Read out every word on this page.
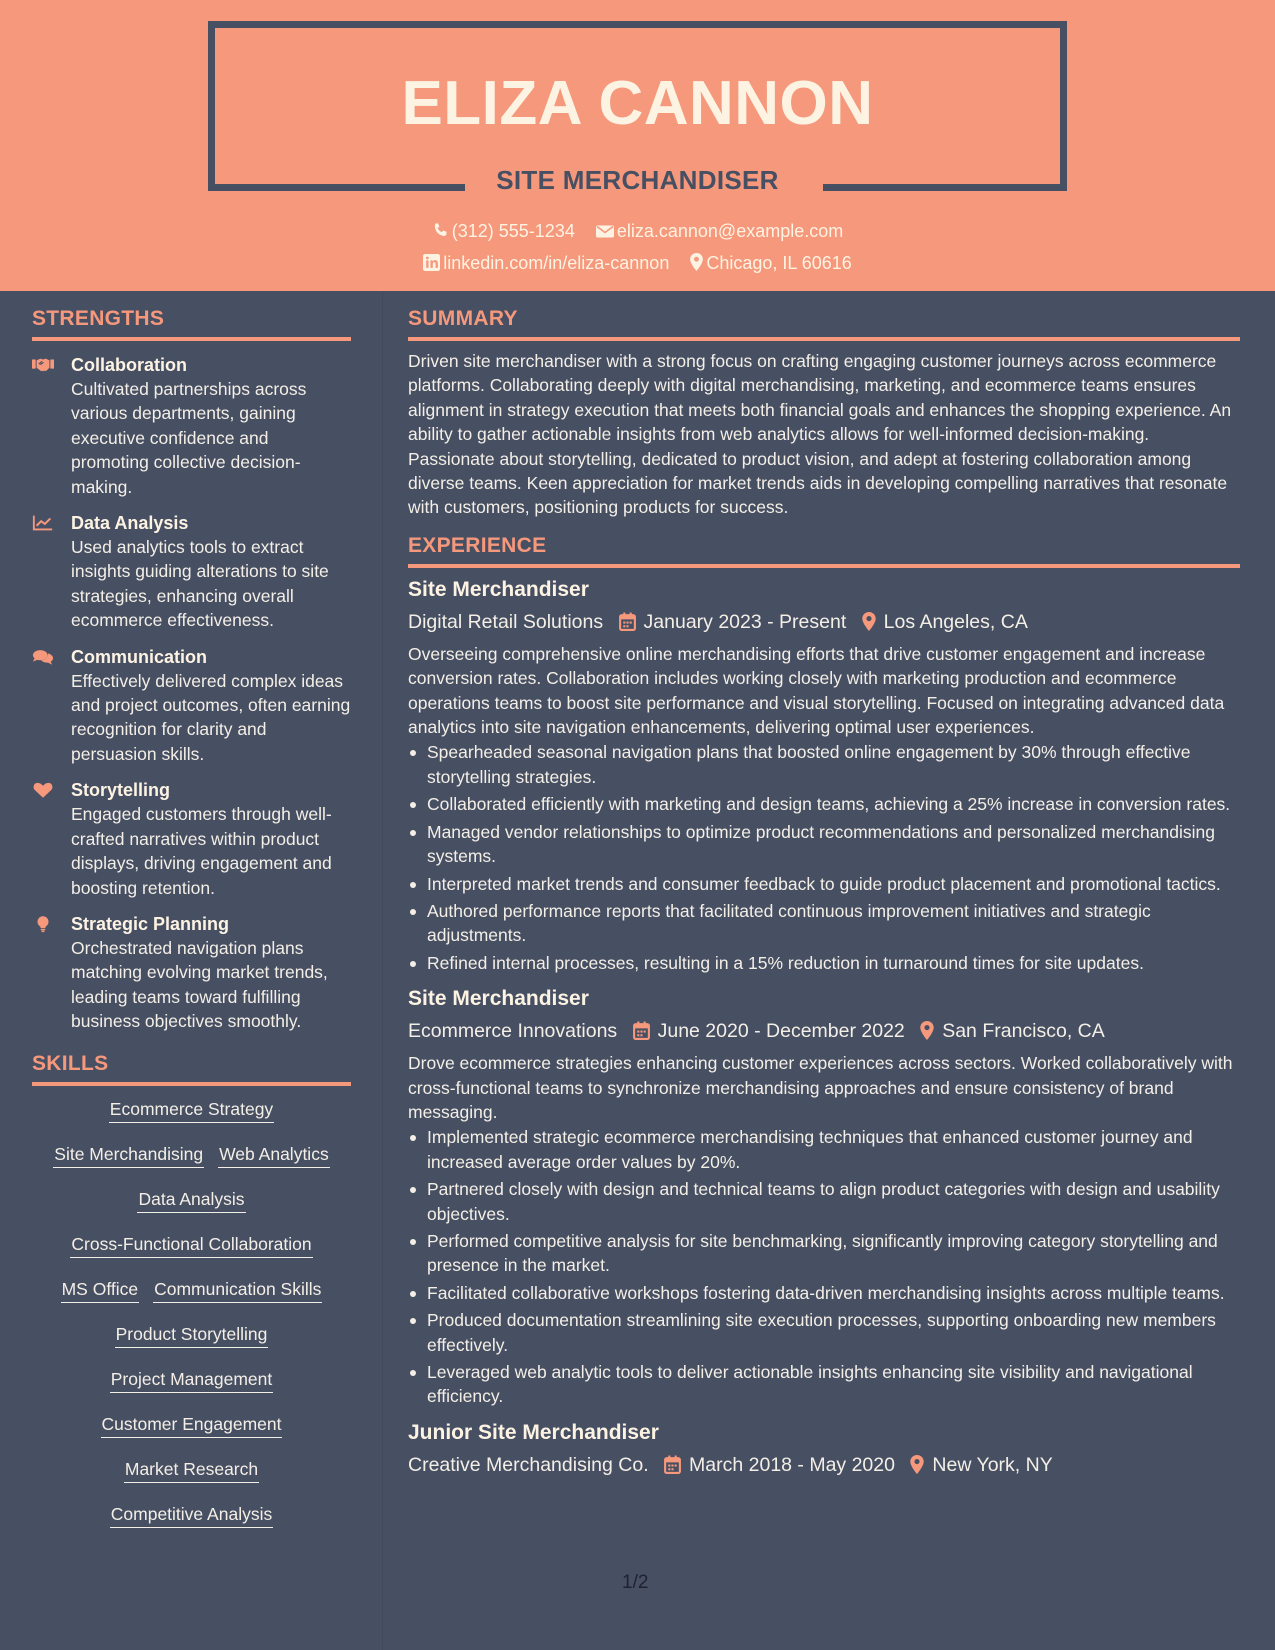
ELIZA CANNON
SITE MERCHANDISER
(312) 555-1234 eliza.cannon@example.com
linkedin.com/in/eliza-cannon Chicago, IL 60616
STRENGTHS
Collaboration
Cultivated partnerships across various departments, gaining executive confidence and promoting collective decision-making.
Data Analysis
Used analytics tools to extract insights guiding alterations to site strategies, enhancing overall ecommerce effectiveness.
Communication
Effectively delivered complex ideas and project outcomes, often earning recognition for clarity and persuasion skills.
Storytelling
Engaged customers through well-crafted narratives within product displays, driving engagement and boosting retention.
Strategic Planning
Orchestrated navigation plans matching evolving market trends, leading teams toward fulfilling business objectives smoothly.
SKILLS
Ecommerce Strategy
Site Merchandising Web Analytics
Data Analysis
Cross-Functional Collaboration
MS Office Communication Skills
Product Storytelling
Project Management
Customer Engagement
Market Research
Competitive Analysis
SUMMARY
Driven site merchandiser with a strong focus on crafting engaging customer journeys across ecommerce platforms. Collaborating deeply with digital merchandising, marketing, and ecommerce teams ensures alignment in strategy execution that meets both financial goals and enhances the shopping experience. An ability to gather actionable insights from web analytics allows for well-informed decision-making. Passionate about storytelling, dedicated to product vision, and adept at fostering collaboration among diverse teams. Keen appreciation for market trends aids in developing compelling narratives that resonate with customers, positioning products for success.
EXPERIENCE
Site Merchandiser
Digital Retail Solutions January 2023 - Present Los Angeles, CA
Overseeing comprehensive online merchandising efforts that drive customer engagement and increase conversion rates. Collaboration includes working closely with marketing production and ecommerce operations teams to boost site performance and visual storytelling. Focused on integrating advanced data analytics into site navigation enhancements, delivering optimal user experiences.
Spearheaded seasonal navigation plans that boosted online engagement by 30% through effective storytelling strategies.
Collaborated efficiently with marketing and design teams, achieving a 25% increase in conversion rates.
Managed vendor relationships to optimize product recommendations and personalized merchandising systems.
Interpreted market trends and consumer feedback to guide product placement and promotional tactics.
Authored performance reports that facilitated continuous improvement initiatives and strategic adjustments.
Refined internal processes, resulting in a 15% reduction in turnaround times for site updates.
Site Merchandiser
Ecommerce Innovations June 2020 - December 2022 San Francisco, CA
Drove ecommerce strategies enhancing customer experiences across sectors. Worked collaboratively with cross-functional teams to synchronize merchandising approaches and ensure consistency of brand messaging.
Implemented strategic ecommerce merchandising techniques that enhanced customer journey and increased average order values by 20%.
Partnered closely with design and technical teams to align product categories with design and usability objectives.
Performed competitive analysis for site benchmarking, significantly improving category storytelling and presence in the market.
Facilitated collaborative workshops fostering data-driven merchandising insights across multiple teams.
Produced documentation streamlining site execution processes, supporting onboarding new members effectively.
Leveraged web analytic tools to deliver actionable insights enhancing site visibility and navigational efficiency.
Junior Site Merchandiser
Creative Merchandising Co. March 2018 - May 2020 New York, NY
1/2
